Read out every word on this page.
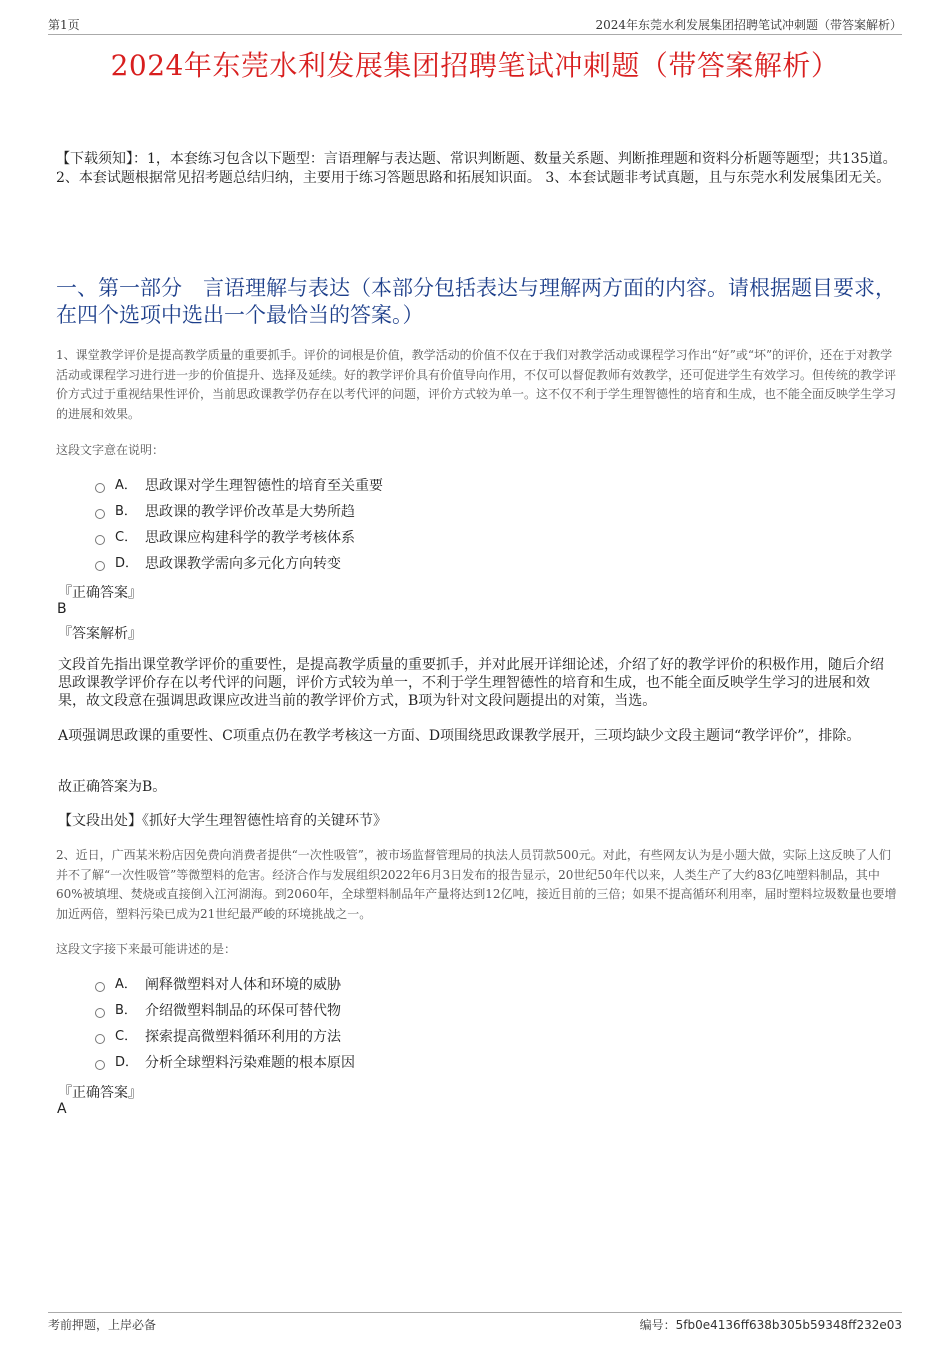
第1页	2024年东莞水利发展集团招聘笔试冲刺题（带答案解析）
2024年东莞水利发展集团招聘笔试冲刺题（带答案解析）
【下载须知】：1，本套练习包含以下题型：言语理解与表达题、常识判断题、数量关系题、判断推理题和资料分析题等题型；共135道。 2、本套试题根据常见招考题总结归纳，主要用于练习答题思路和拓展知识面。 3、本套试题非考试真题，且与东莞水利发展集团无关。
一、第一部分　言语理解与表达（本部分包括表达与理解两方面的内容。请根据题目要求，在四个选项中选出一个最恰当的答案。）
1、课堂教学评价是提高教学质量的重要抓手。评价的词根是价值，教学活动的价值不仅在于我们对教学活动或课程学习作出“好”或“坏”的评价，还在于对教学活动或课程学习进行进一步的价值提升、选择及延续。好的教学评价具有价值导向作用，不仅可以督促教师有效教学，还可促进学生有效学习。但传统的教学评价方式过于重视结果性评价，当前思政课教学仍存在以考代评的问题，评价方式较为单一。这不仅不利于学生理智德性的培育和生成，也不能全面反映学生学习的进展和效果。
这段文字意在说明：
A． 思政课对学生理智德性的培育至关重要
B． 思政课的教学评价改革是大势所趋
C． 思政课应构建科学的教学考核体系
D． 思政课教学需向多元化方向转变
『正确答案』
B
『答案解析』
文段首先指出课堂教学评价的重要性，是提高教学质量的重要抓手，并对此展开详细论述，介绍了好的教学评价的积极作用，随后介绍思政课教学评价存在以考代评的问题，评价方式较为单一，不利于学生理智德性的培育和生成，也不能全面反映学生学习的进展和效果，故文段意在强调思政课应改进当前的教学评价方式，B项为针对文段问题提出的对策，当选。
A项强调思政课的重要性、C项重点仍在教学考核这一方面、D项围绕思政课教学展开，三项均缺少文段主题词“教学评价”，排除。
故正确答案为B。
【文段出处】《抓好大学生理智德性培育的关键环节》
2、近日，广西某米粉店因免费向消费者提供“一次性吸管”，被市场监督管理局的执法人员罚款500元。对此，有些网友认为是小题大做，实际上这反映了人们并不了解“一次性吸管”等微塑料的危害。经济合作与发展组织2022年6月3日发布的报告显示，20世纪50年代以来，人类生产了大约83亿吨塑料制品，其中60%被填埋、焚烧或直接倒入江河湖海。到2060年，全球塑料制品年产量将达到12亿吨，接近目前的三倍；如果不提高循环利用率，届时塑料垃圾数量也要增加近两倍，塑料污染已成为21世纪最严峻的环境挑战之一。
这段文字接下来最可能讲述的是：
A． 阐释微塑料对人体和环境的威胁
B． 介绍微塑料制品的环保可替代物
C． 探索提高微塑料循环利用的方法
D． 分析全球塑料污染难题的根本原因
『正确答案』
A
考前押题，上岸必备	编号：5fb0e4136ff638b305b59348ff232e03
